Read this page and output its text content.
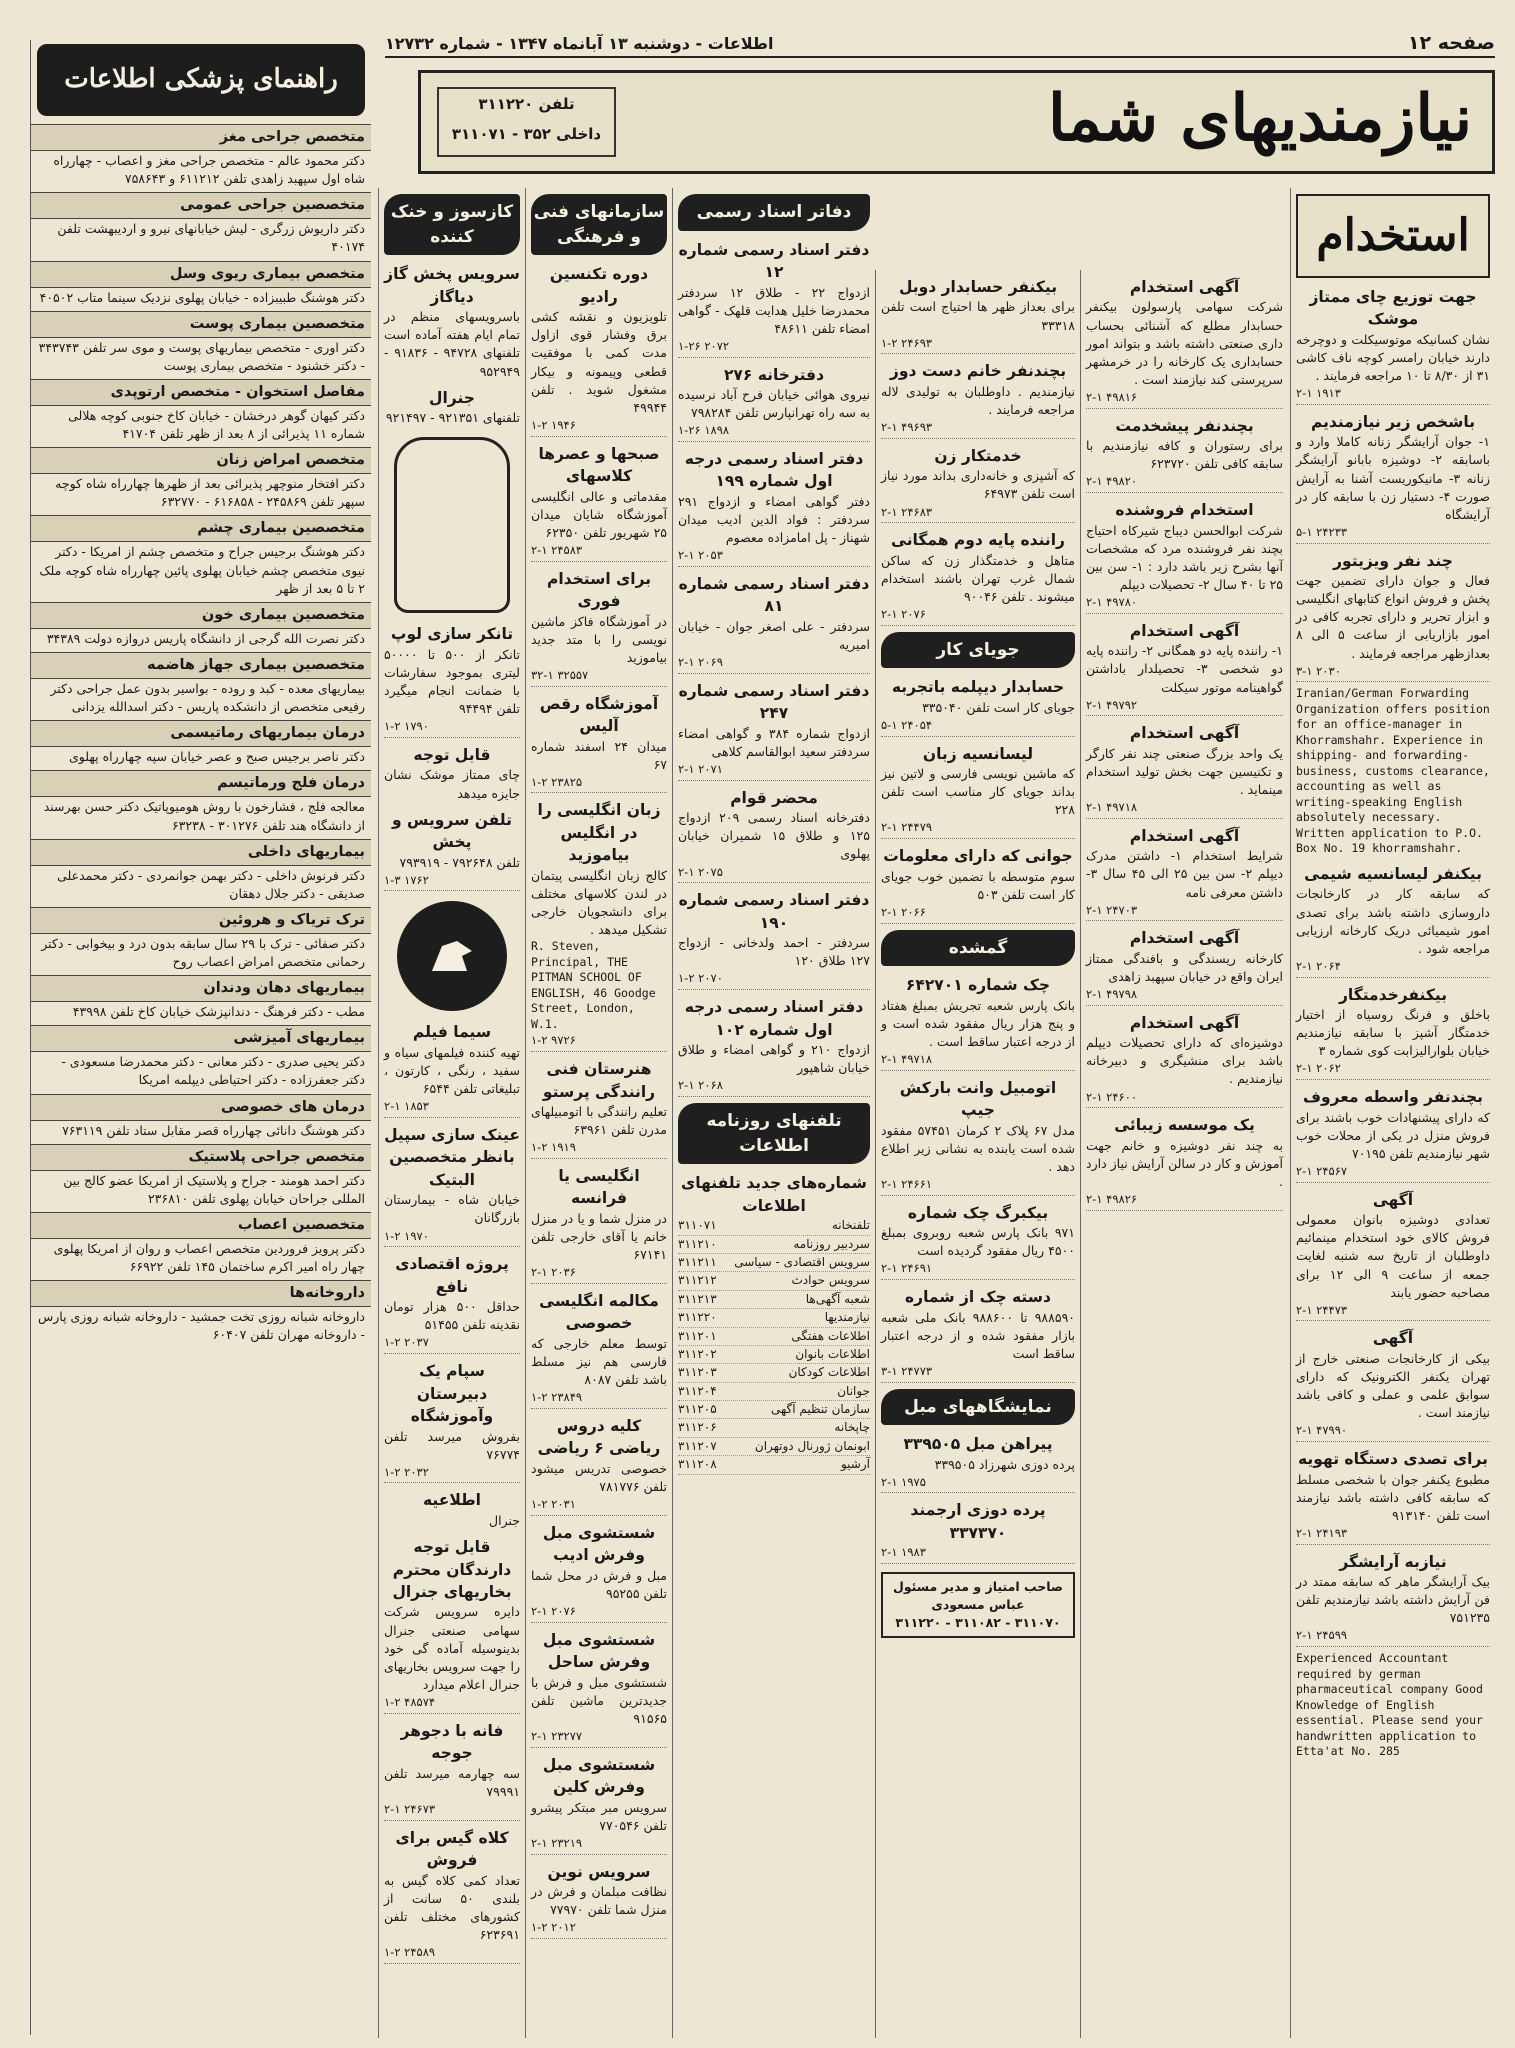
صفحه ۱۲
اطلاعات - دوشنبه ۱۳ آبانماه ۱۳۴۷ - شماره ۱۲۷۳۲
نیازمندیهای شما
تلفن ۳۱۱۲۲۰
داخلی ۳۵۲ - ۳۱۱۰۷۱
راهنمای پزشکی اطلاعات
متخصص جراحی مغز
دکتر محمود عالم - متخصص جراحی مغز و اعصاب - چهارراه شاه اول سپهبد زاهدی تلفن ۶۱۱۲۱۲ و ۷۵۸۶۴۳
متخصصین جراحی عمومی
دکتر داریوش زرگری - لیش خیابانهای نیرو و اردیبهشت تلفن ۴۰۱۷۴
متخصص بیماری ریوی وسل
دکتر هوشنگ طبیبزاده - خیابان پهلوی نزدیک سینما متاب ۴۰۵۰۲
متخصصین بیماری پوست
دکتر اوری - متخصص بیماریهای پوست و موی سر تلفن ۳۴۳۷۴۳ - دکتر خشنود - متخصص بیماری پوست
مفاصل استخوان - متخصص ارتوپدی
دکتر کیهان گوهر درخشان - خیابان کاخ جنوبی کوچه هلالی شماره ۱۱ پذیرائی از ۸ بعد از ظهر تلفن ۴۱۷۰۴
متخصص امراض زنان
دکتر افتخار منوچهر پذیرائی بعد از ظهرها چهارراه شاه کوچه سپهر تلفن ۲۴۵۸۶۹ - ۶۱۶۸۵۸ - ۶۳۲۷۷۰
متخصصین بیماری چشم
دکتر هوشنگ برجیس جراح و متخصص چشم از امریکا - دکتر نیوی متخصص چشم خیابان پهلوی پائین چهارراه شاه کوچه ملک ۲ تا ۵ بعد از ظهر
متخصصین بیماری خون
دکتر نصرت الله گرجی از دانشگاه پاریس دروازه دولت ۳۴۳۸۹
متخصصین بیماری جهاز هاضمه
بیماریهای معده - کبد و روده - بواسیر بدون عمل جراحی دکتر رفیعی متخصص از دانشکده پاریس - دکتر اسدالله یزدانی
درمان بیماریهای رماتیسمی
دکتر ناصر برجیس صبح و عصر خیابان سپه چهارراه پهلوی
درمان فلج ورماتیسم
معالجه فلج ، فشارخون با روش هومیوپاتیک دکتر حسن بهرسند از دانشگاه هند تلفن ۳۰۱۲۷۶ - ۶۳۲۳۸
بیماریهای داخلی
دکتر فرنوش داخلی - دکتر بهمن جوانمردی - دکتر محمدعلی صدیقی - دکتر جلال دهقان
ترک تریاک و هروئین
دکتر صفائی - ترک با ۲۹ سال سابقه بدون درد و بیخوابی - دکتر رحمانی متخصص امراض اعصاب روح
بیماریهای دهان ودندان
مطب - دکتر فرهنگ - دندانپزشک خیابان کاخ تلفن ۴۳۹۹۸
بیماریهای آمیزشی
دکتر یحیی صدری - دکتر معانی - دکتر محمدرضا مسعودی - دکتر جعفرزاده - دکتر احتیاطی دیپلمه امریکا
درمان های خصوصی
دکتر هوشنگ دانائی چهارراه قصر مقابل ستاد تلفن ۷۶۳۱۱۹
متخصص جراحی پلاستیک
دکتر احمد هومند - جراح و پلاستیک از امریکا عضو کالج بین المللی جراحان خیابان پهلوی تلفن ۲۳۶۸۱۰
متخصصین اعصاب
دکتر پرویز فروردین متخصص اعصاب و روان از امریکا پهلوی چهار راه امیر اکرم ساختمان ۱۴۵ تلفن ۶۶۹۲۲
داروخانه‌ها
داروخانه شبانه روزی تخت جمشید - داروخانه شبانه روزی پارس - داروخانه مهران تلفن ۶۰۴۰۷
استخدام
جهت توزیع چای ممتاز موشک
نشان کسانیکه موتوسیکلت و دوچرخه دارند خیابان رامسر کوچه ناف کاشی ۳۱ از ۸/۳۰ تا ۱۰ مراجعه فرمایند .
۲-۱ ۱۹۱۳
باشخص زیر نیازمندیم
۱- جوان آرایشگر زنانه کاملا وارد و باسابقه ۲- دوشیزه بابانو آرایشگر زنانه ۳- مانیکوریست آشنا به آرایش صورت ۴- دستیار زن با سابقه کار در آرایشگاه
۵-۱ ۲۴۲۳۳
چند نفر ویزیتور
فعال و جوان دارای تضمین جهت پخش و فروش انواع کتابهای انگلیسی و ابزار تحریر و دارای تجربه کافی در امور بازاریابی از ساعت ۵ الی ۸ بعدازظهر مراجعه فرمایند .
۳-۱ ۲۰۳۰
Iranian/German Forwarding Organization offers position for an office-manager in Khorramshahr. Experience in shipping- and forwarding-business, customs clearance, accounting as well as writing-speaking English absolutely necessary. Written application to P.O. Box No. 19 khorramshahr.
بیکنفر لیسانسیه شیمی
که سابقه کار در کارخانجات داروسازی داشته باشد برای تصدی امور شیمیائی دریک کارخانه ارزیابی مراجعه شود .
۲-۱ ۲۰۶۴
بیکنفرخدمتگار
باخلق و فرنگ روسیاه از اختیار خدمتگار آشپز با سابقه نیازمندیم خیابان بلوارالیزابت کوی شماره ۳
۲-۱ ۲۰۶۲
بچندنفر واسطه معروف
که دارای پیشنهادات خوب باشند برای فروش منزل در یکی از محلات خوب شهر نیازمندیم تلفن ۷۰۱۹۵
۲-۱ ۲۴۵۶۷
آگهی
تعدادی دوشیزه بانوان معمولی فروش کالای خود استخدام مینمائیم داوطلبان از تاریخ سه شنبه لغایت جمعه از ساعت ۹ الی ۱۲ برای مصاحبه حضور یابند
۲-۱ ۲۴۴۷۳
آگهی
بیکی از کارخانجات صنعتی خارج از تهران یکنفر الکترونیک که دارای سوابق علمی و عملی و کافی باشد نیازمند است .
۲-۱ ۴۷۹۹۰
برای تصدی دستگاه تهویه
مطبوع یکنفر جوان با شخصی مسلط که سابقه کافی داشته باشد نیازمند است تلفن ۹۱۳۱۴۰
۲-۱ ۲۴۱۹۳
نیازبه آرایشگر
بیک آرایشگر ماهر که سابقه ممتد در فن آرایش داشته باشد نیازمندیم تلفن ۷۵۱۲۳۵
۲-۱ ۲۴۵۹۹
Experienced Accountant required by german pharmaceutical company Good Knowledge of English essential. Please send your handwritten application to Etta'at No. 285
آگهی استخدام
شرکت سهامی پارسولون بیکنفر حسابدار مطلع که آشنائی بحساب داری صنعتی داشته باشد و بتواند امور حسابداری یک کارخانه را در خرمشهر سرپرستی کند نیازمند است .
۲-۱ ۴۹۸۱۶
بچندنفر پیشخدمت
برای رستوران و کافه نیازمندیم با سابقه کافی تلفن ۶۲۳۷۲۰
۲-۱ ۴۹۸۲۰
استخدام فروشنده
شرکت ابوالحسن دیباج شیرکاه احتیاج بچند نفر فروشنده مرد که مشخصات آنها بشرح زیر باشد دارد : ۱- سن بین ۲۵ تا ۴۰ سال ۲- تحصیلات دیپلم
۲-۱ ۴۹۷۸۰
آگهی استخدام
۱- راننده پایه دو همگانی ۲- راننده پایه دو شخصی ۳- تحصیلدار باداشتن گواهینامه موتور سیکلت
۲-۱ ۴۹۷۹۲
آگهی استخدام
یک واحد بزرگ صنعتی چند نفر کارگر و تکنیسین جهت بخش تولید استخدام مینماید .
۲-۱ ۴۹۷۱۸
آگهی استخدام
شرایط استخدام ۱- داشتن مدرک دیپلم ۲- سن بین ۲۵ الی ۴۵ سال ۳- داشتن معرفی نامه
۲-۱ ۲۴۷۰۳
آگهی استخدام
کارخانه ریسندگی و بافندگی ممتاز ایران واقع در خیابان سپهبد زاهدی
۲-۱ ۴۹۷۹۸
آگهی استخدام
دوشیزه‌ای که دارای تحصیلات دیپلم باشد برای منشیگری و دبیرخانه نیازمندیم .
۲-۱ ۲۴۶۰۰
یک موسسه زیبائی
به چند نفر دوشیزه و خانم جهت آموزش و کار در سالن آرایش نیاز دارد .
۲-۱ ۴۹۸۲۶
بیکنفر حسابدار دوبل
برای بعداز ظهر ها احتیاج است تلفن ۳۳۳۱۸
۱-۲ ۲۴۶۹۳
بچندنفر خانم دست دوز
نیازمندیم . داوطلبان به تولیدی لاله مراجعه فرمایند .
۲-۱ ۴۹۶۹۳
خدمتکار زن
که آشپزی و خانه‌داری بداند مورد نیاز است تلفن ۶۴۹۷۳
۲-۱ ۲۴۶۸۳
راننده پایه دوم همگانی
متاهل و خدمتگذار زن که ساکن شمال غرب تهران باشند استخدام میشوند . تلفن ۹۰۰۴۶
۲-۱ ۲۰۷۶
جویای کار
حسابدار دیپلمه باتجربه
جویای کار است تلفن ۳۳۵۰۴۰
۵-۱ ۲۴۰۵۴
لیسانسیه زبان
که ماشین نویسی فارسی و لاتین نیز بداند جویای کار مناسب است تلفن ۲۲۸
۲-۱ ۲۴۴۷۹
جوانی که دارای معلومات
سوم متوسطه با تضمین خوب جویای کار است تلفن ۵۰۳
۲-۱ ۲۰۶۶
گمشده
چک شماره ۶۴۲۷۰۱
بانک پارس شعبه تجریش بمبلغ هفتاد و پنج هزار ریال مفقود شده است و از درجه اعتبار ساقط است .
۲-۱ ۴۹۷۱۸
اتومبیل وانت بارکش جیپ
مدل ۶۷ پلاک ۲ کرمان ۵۷۴۵۱ مفقود شده است یابنده به نشانی زیر اطلاع دهد .
۲-۱ ۲۴۶۶۱
بیکبرگ چک شماره
۹۷۱ بانک پارس شعبه روبروی بمبلغ ۴۵۰۰ ریال مفقود گردیده است
۲-۱ ۲۴۶۹۱
دسته چک از شماره
۹۸۸۵۹۰ تا ۹۸۸۶۰۰ بانک ملی شعبه بازار مفقود شده و از درجه اعتبار ساقط است
۳-۱ ۲۴۷۷۳
نمایشگاههای مبل
پیراهن مبل ۳۳۹۵۰۵
پرده دوزی شهرزاد ۳۳۹۵۰۵
۲-۱ ۱۹۷۵
پرده دوزی ارجمند ۳۳۷۳۷۰
۲-۱ ۱۹۸۳
صاحب امتیاز و مدیر مسئول عباس مسعودی
۳۱۱۰۷۰ - ۳۱۱۰۸۲ - ۳۱۱۲۲۰
دفاتر اسناد رسمی
دفتر اسناد رسمی شماره ۱۲
ازدواج ۲۲ - طلاق ۱۲ سردفتر محمدرضا خلیل هدایت قلهک - گواهی امضاء تلفن ۴۸۶۱۱
۱-۲۶ ۲۰۷۲
دفترخانه ۲۷۶
نیروی هوائی خیابان فرح آباد نرسیده به سه راه تهرانپارس تلفن ۷۹۸۲۸۴
۱-۲۶ ۱۸۹۸
دفتر اسناد رسمی درجه اول شماره ۱۹۹
دفتر گواهی امضاء و ازدواج ۲۹۱ سردفتر : فواد الدین ادیب میدان شهناز - پل امامزاده معصوم
۲-۱ ۲۰۵۳
دفتر اسناد رسمی شماره ۸۱
سردفتر - علی اصغر جوان - خیابان امیریه
۲-۱ ۲۰۶۹
دفتر اسناد رسمی شماره ۲۴۷
ازدواج شماره ۳۸۴ و گواهی امضاء سردفتر سعید ابوالقاسم کلاهی
۲-۱ ۲۰۷۱
محضر قوام
دفترخانه اسناد رسمی ۲۰۹ ازدواج ۱۲۵ و طلاق ۱۵ شمیران خیابان پهلوی
۲-۱ ۲۰۷۵
دفتر اسناد رسمی شماره ۱۹۰
سردفتر - احمد ولدخانی - ازدواج ۱۲۷ طلاق ۱۲۰
۱-۲ ۲۰۷۰
دفتر اسناد رسمی درجه اول شماره ۱۰۲
ازدواج ۲۱۰ و گواهی امضاء و طلاق خیابان شاهپور
۲-۱ ۲۰۶۸
تلفنهای روزنامه اطلاعات
شماره‌های جدید تلفنهای اطلاعات
تلفنخانه
۳۱۱۰۷۱
سردبیر روزنامه
۳۱۱۲۱۰
سرویس اقتصادی - سیاسی
۳۱۱۲۱۱
سرویس حوادث
۳۱۱۲۱۲
شعبه آگهی‌ها
۳۱۱۲۱۳
نیازمندیها
۳۱۱۲۲۰
اطلاعات هفتگی
۳۱۱۲۰۱
اطلاعات بانوان
۳۱۱۲۰۲
اطلاعات کودکان
۳۱۱۲۰۳
جوانان
۳۱۱۲۰۴
سازمان تنظیم آگهی
۳۱۱۲۰۵
چاپخانه
۳۱۱۲۰۶
ابونمان ژورنال دوتهران
۳۱۱۲۰۷
آرشیو
۳۱۱۲۰۸
سازمانهای فنی و فرهنگی
دوره تکنسین رادیو
تلویزیون و نقشه کشی برق وفشار قوی ازاول مدت کمی با موفقیت قطعی وپیمونه و بیکار مشغول شوید . تلفن ۴۹۹۴۴
۱-۲ ۱۹۴۶
صبحها و عصرها کلاسهای
مقدماتی و عالی انگلیسی آموزشگاه شایان میدان ۲۵ شهریور تلفن ۶۲۳۵۰
۲-۱ ۲۴۵۸۳
برای استخدام فوری
در آموزشگاه فاکز ماشین نویسی را با متد جدید بیاموزید
۳۲-۱ ۳۲۵۵۷
آموزشگاه رقص آلیس
میدان ۲۴ اسفند شماره ۶۷
۱-۲ ۲۳۸۲۵
زبان انگلیسی را در انگلیس بیاموزید
کالج زبان انگلیسی پیتمان در لندن کلاسهای مختلف برای دانشجویان خارجی تشکیل میدهد .
R. Steven, Principal, THE PITMAN SCHOOL OF ENGLISH, 46 Goodge Street, London, W.1.
۱-۲ ۹۷۲۶
هنرستان فنی رانندگی پرستو
تعلیم رانندگی با اتومبیلهای مدرن تلفن ۶۳۹۶۱
۱-۲ ۱۹۱۹
انگلیسی یا فرانسه
در منزل شما و یا در منزل خانم یا آقای خارجی تلفن ۶۷۱۴۱
۲-۱ ۲۰۳۶
مکالمه انگلیسی خصوصی
توسط معلم خارجی که فارسی هم نیز مسلط باشد تلفن ۸۰۸۷
۱-۲ ۲۳۸۴۹
کلیه دروس ریاضی ۶ ریاضی
خصوصی تدریس میشود تلفن ۷۸۱۷۷۶
۱-۲ ۲۰۳۱
شستشوی مبل وفرش ادیب
مبل و فرش در محل شما تلفن ۹۵۲۵۵
۲-۱ ۲۰۷۶
شستشوی مبل وفرش ساحل
شستشوی مبل و فرش با جدیدترین ماشین تلفن ۹۱۵۶۵
۲-۱ ۲۳۲۷۷
شستشوی مبل وفرش کلین
سرویس مبر مبتکر پیشرو تلفن ۷۷۰۵۴۶
۲-۱ ۲۳۲۱۹
سرویس نوین
نظافت مبلمان و فرش در منزل شما تلفن ۷۷۹۷۰
۱-۲ ۲۰۱۲
کازسوز و خنک کننده
سرویس پخش گاز دیاگاز
باسرویسهای منظم در تمام ایام هفته آماده است تلفنهای ۹۴۷۲۸ - ۹۱۸۳۶ - ۹۵۲۹۴۹
جنرال
تلفنهای ۹۲۱۳۵۱ - ۹۲۱۴۹۷
تانکر سازی لوپ
تانکر از ۵۰۰ تا ۵۰۰۰۰ لیتری بموجود سفارشات با ضمانت انجام میگیرد تلفن ۹۴۴۹۴
۱-۲ ۱۷۹۰
قابل توجه
چای ممتاز موشک نشان جایزه میدهد
تلفن سرویس و پخش
تلفن ۷۹۲۶۴۸ - ۷۹۳۹۱۹
۱-۳ ۱۷۶۲
سیما فیلم
تهیه کننده فیلمهای سیاه و سفید ، رنگی ، کارتون ، تبلیغاتی تلفن ۶۵۴۴
۲-۱ ۱۸۵۳
عینک سازی سپیل بانظر متخصصین البتیک
خیابان شاه - بیمارستان بازرگانان
۱-۲ ۱۹۷۰
پروژه اقتصادی نافع
حداقل ۵۰۰ هزار تومان نقدینه تلفن ۵۱۴۵۵
۱-۲ ۲۰۳۷
سپام یک دبیرستان وآموزشگاه
بفروش میرسد تلفن ۷۶۷۷۴
۱-۲ ۲۰۳۲
اطلاعیه
جنرال
قابل توجه دارندگان محترم بخاریهای جنرال
دایره سرویس شرکت سهامی صنعتی جنرال بدینوسیله آماده گی خود را جهت سرویس بخاریهای جنرال اعلام میدارد
۱-۲ ۴۸۵۷۴
فانه با دجوهر جوجه
سه چهارمه میرسد تلفن ۷۹۹۹۱
۲-۱ ۲۴۶۷۳
کلاه گیس برای فروش
تعداد کمی کلاه گیس به بلندی ۵۰ سانت از کشورهای مختلف تلفن ۶۲۳۶۹۱
۱-۲ ۲۴۵۸۹
